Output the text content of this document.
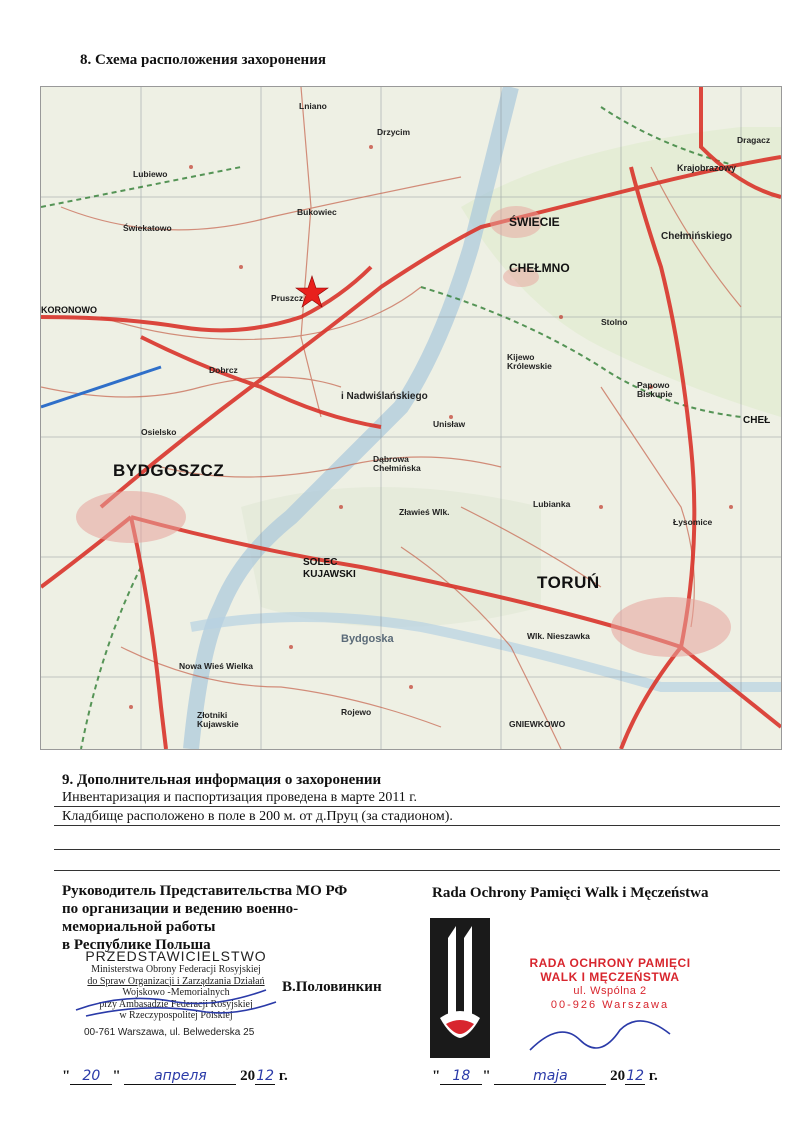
8. Схема расположения захоронения
BYDGOSZCZ
TORUŃ
ŚWIECIE
CHEŁMNO
SOLEC KUJAWSKI
KORONOWO
CHEŁ
Pruszcz
Bukowiec
Lubiewo
Świekatowo
Dobrcz
Osielsko
Unisław
Dąbrowa Chełmińska
Zławieś Wlk.
Lubianka
Łysomice
Wlk. Nieszawka
Nowa Wieś Wielka
Złotniki Kujawskie
Rojewo
GNIEWKOWO
Kijewo Królewskie
Stolno
Papowo Biskupie
Chełmińskiego
i Nadwiślańskiego
Bydgoska
Dragacz
Krajobrazowy
Drzycim
Lniano
9. Дополнительная информация о захоронении
Инвентаризация и паспортизация проведена в марте 2011 г.
Кладбище расположено в поле в 200 м. от д.Пруц (за стадионом).
Руководитель Представительства МО РФ
по организации и ведению военно-
мемориальной работы
в Республике Польша
PRZEDSTAWICIELSTWO
Ministerstwa Obrony Federacji Rosyjskiej
do Spraw Organizacji i Zarządzania Działań
Wojskowo -Memorialnych
przy Ambasadzie Federacji Rosyjskiej
w Rzeczypospolitej Polskiej
00-761 Warszawa, ul. Belwederska 25
В.Половинкин
Rada Ochrony Pamięci Walk i Męczeństwa
RADA OCHRONY PAMIĘCI
WALK I MĘCZEŃSTWA
ul. Wspólna 2
00-926 Warszawa
" 20 " апреля 2012 г.	" 18 "	maja	2012 г.
